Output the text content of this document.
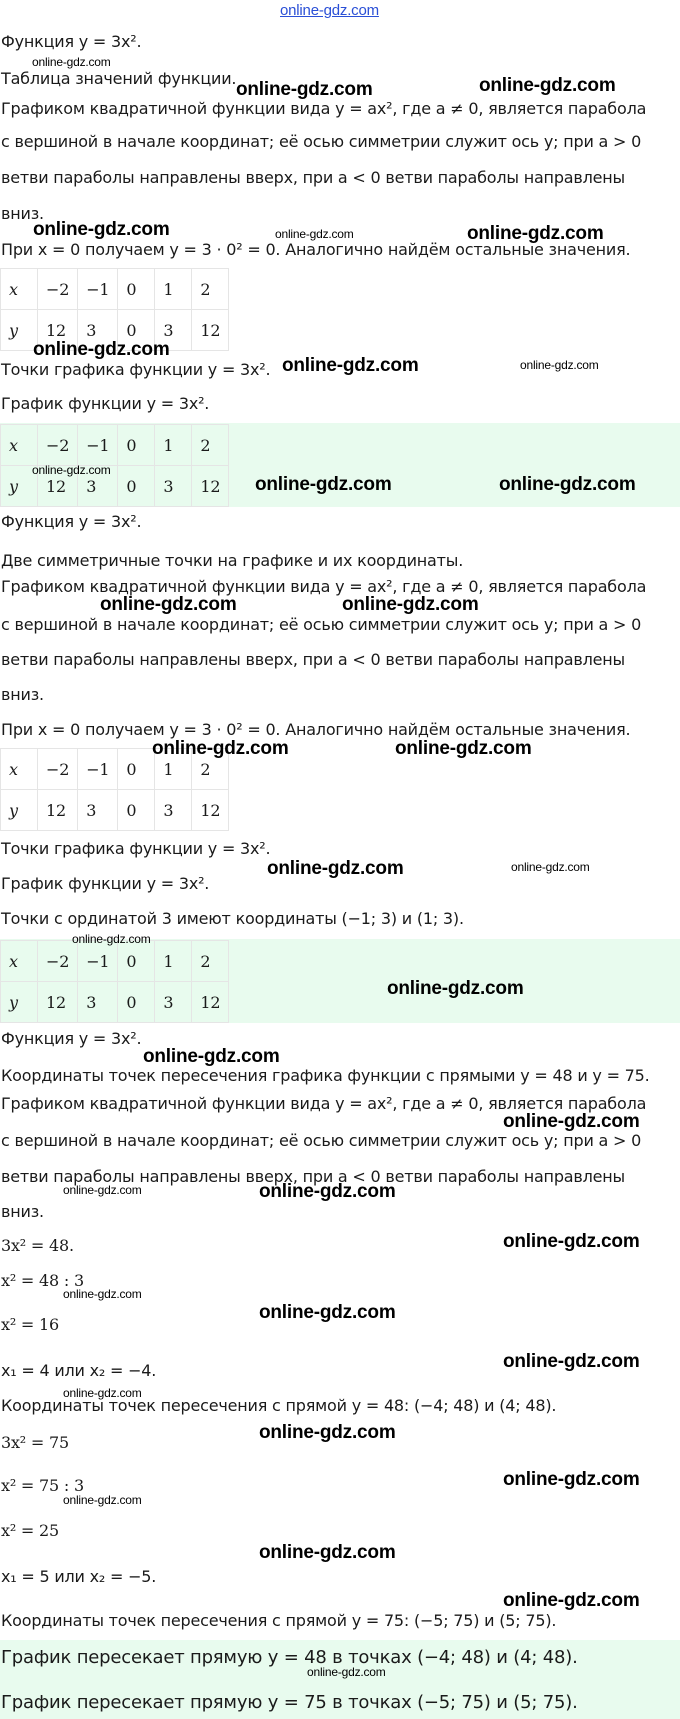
online-gdz.com
Функция y = 3x².
Таблица значений функции.
Графиком квадратичной функции вида y = ax², где a ≠ 0, является парабола
с вершиной в начале координат; её осью симметрии служит ось y; при a > 0
ветви параболы направлены вверх, при a < 0 ветви параболы направлены
вниз.
При x = 0 получаем y = 3 · 0² = 0. Аналогично найдём остальные значения.
x	−2	−1	0	1	2
y	12	3	0	3	12
Точки графика функции y = 3x².
График функции y = 3x².
x	−2	−1	0	1	2
y	12	3	0	3	12
Функция y = 3x².
Две симметричные точки на графике и их координаты.
Графиком квадратичной функции вида y = ax², где a ≠ 0, является парабола
с вершиной в начале координат; её осью симметрии служит ось y; при a > 0
ветви параболы направлены вверх, при a < 0 ветви параболы направлены
вниз.
При x = 0 получаем y = 3 · 0² = 0. Аналогично найдём остальные значения.
x	−2	−1	0	1	2
y	12	3	0	3	12
Точки графика функции y = 3x².
График функции y = 3x².
Точки с ординатой 3 имеют координаты (−1; 3) и (1; 3).
x	−2	−1	0	1	2
y	12	3	0	3	12
Функция y = 3x².
Координаты точек пересечения графика функции с прямыми y = 48 и y = 75.
Графиком квадратичной функции вида y = ax², где a ≠ 0, является парабола
с вершиной в начале координат; её осью симметрии служит ось y; при a > 0
ветви параболы направлены вверх, при a < 0 ветви параболы направлены
вниз.
3x² = 48.
x² = 48 : 3
x² = 16
x₁ = 4 или x₂ = −4.
Координаты точек пересечения с прямой y = 48: (−4; 48) и (4; 48).
3x² = 75
x² = 75 : 3
x² = 25
x₁ = 5 или x₂ = −5.
Координаты точек пересечения с прямой y = 75: (−5; 75) и (5; 75).
График пересекает прямую y = 48 в точках (−4; 48) и (4; 48).
График пересекает прямую y = 75 в точках (−5; 75) и (5; 75).
online-gdz.com
online-gdz.com	online-gdz.com
online-gdz.com	online-gdz.com	online-gdz.com
online-gdz.com
online-gdz.com	online-gdz.com
online-gdz.com
online-gdz.com	online-gdz.com
online-gdz.com	online-gdz.com
online-gdz.com	online-gdz.com
online-gdz.com	online-gdz.com
online-gdz.com
online-gdz.com
online-gdz.com
online-gdz.com
online-gdz.com	online-gdz.com
online-gdz.com
online-gdz.com
online-gdz.com
online-gdz.com
online-gdz.com
online-gdz.com
online-gdz.com
online-gdz.com
online-gdz.com
online-gdz.com
online-gdz.com
